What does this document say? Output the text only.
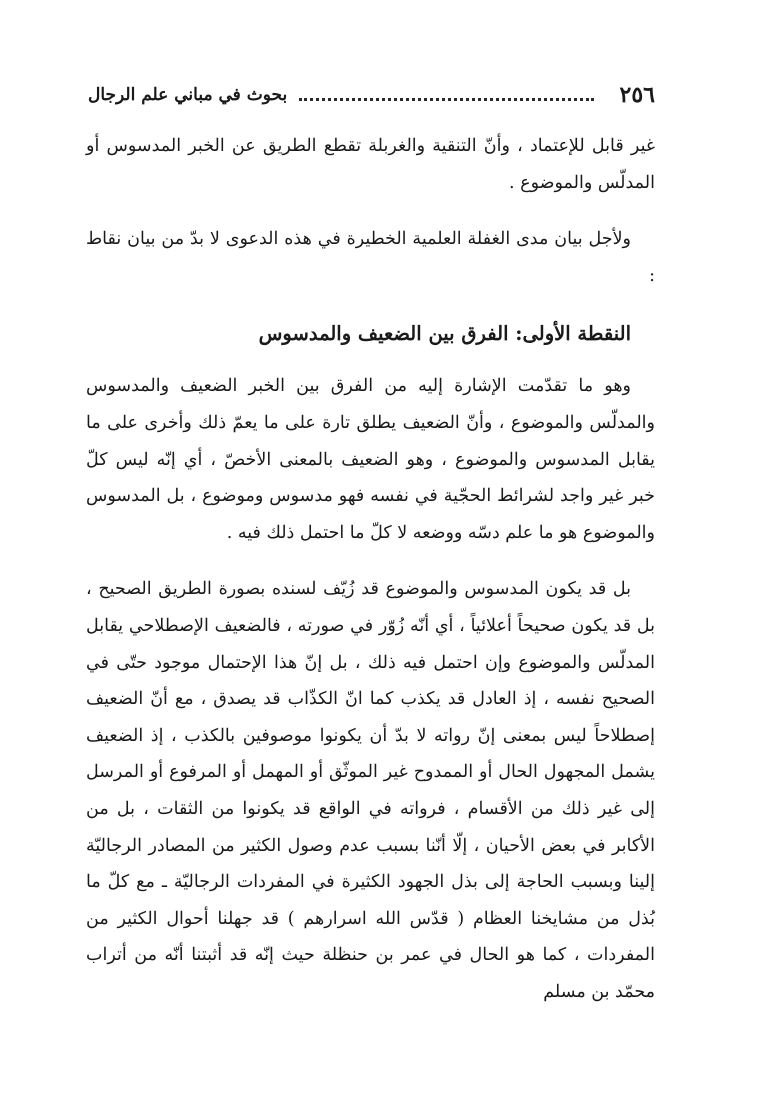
٢٥٦
بحوث في مباني علم الرجال

غير قابل للإعتماد ، وأنّ التنقية والغربلة تقطع الطريق عن الخبر المدسوس أو المدلّس والموضوع .

ولأجل بيان مدى الغفلة العلمية الخطيرة في هذه الدعوى لا بدّ من بيان نقاط :

النقطة الأولى: الفرق بين الضعيف والمدسوس

وهو ما تقدّمت الإشارة إليه من الفرق بين الخبر الضعيف والمدسوس والمدلّس والموضوع ، وأنّ الضعيف يطلق تارة على ما يعمّ ذلك وأخرى على ما يقابل المدسوس والموضوع ، وهو الضعيف بالمعنى الأخصّ ، أي إنّه ليس كلّ خبر غير واجد لشرائط الحجّية في نفسه فهو مدسوس وموضوع ، بل المدسوس والموضوع هو ما علم دسّه ووضعه لا كلّ ما احتمل ذلك فيه .

بل قد يكون المدسوس والموضوع قد زُيّف لسنده بصورة الطريق الصحيح ، بل قد يكون صحيحاً أعلائياً ، أي أنّه زُوّر في صورته ، فالضعيف الإصطلاحي يقابل المدلّس والموضوع وإن احتمل فيه ذلك ، بل إنّ هذا الإحتمال موجود حتّى في الصحيح نفسه ، إذ العادل قد يكذب كما انّ الكذّاب قد يصدق ، مع أنّ الضعيف إصطلاحاً ليس بمعنى إنّ رواته لا بدّ أن يكونوا موصوفين بالكذب ، إذ الضعيف يشمل المجهول الحال أو الممدوح غير الموثّق أو المهمل أو المرفوع أو المرسل إلى غير ذلك من الأقسام ، فرواته في الواقع قد يكونوا من الثقات ، بل من الأكابر في بعض الأحيان ، إلّا أنّنا بسبب عدم وصول الكثير من المصادر الرجاليّة إلينا وبسبب الحاجة إلى بذل الجهود الكثيرة في المفردات الرجاليّة ـ مع كلّ ما بُذل من مشايخنا العظام ( قدّس الله اسرارهم ) قد جهلنا أحوال الكثير من المفردات ، كما هو الحال في عمر بن حنظلة حيث إنّه قد أثبتنا أنّه من أتراب محمّد بن مسلم
